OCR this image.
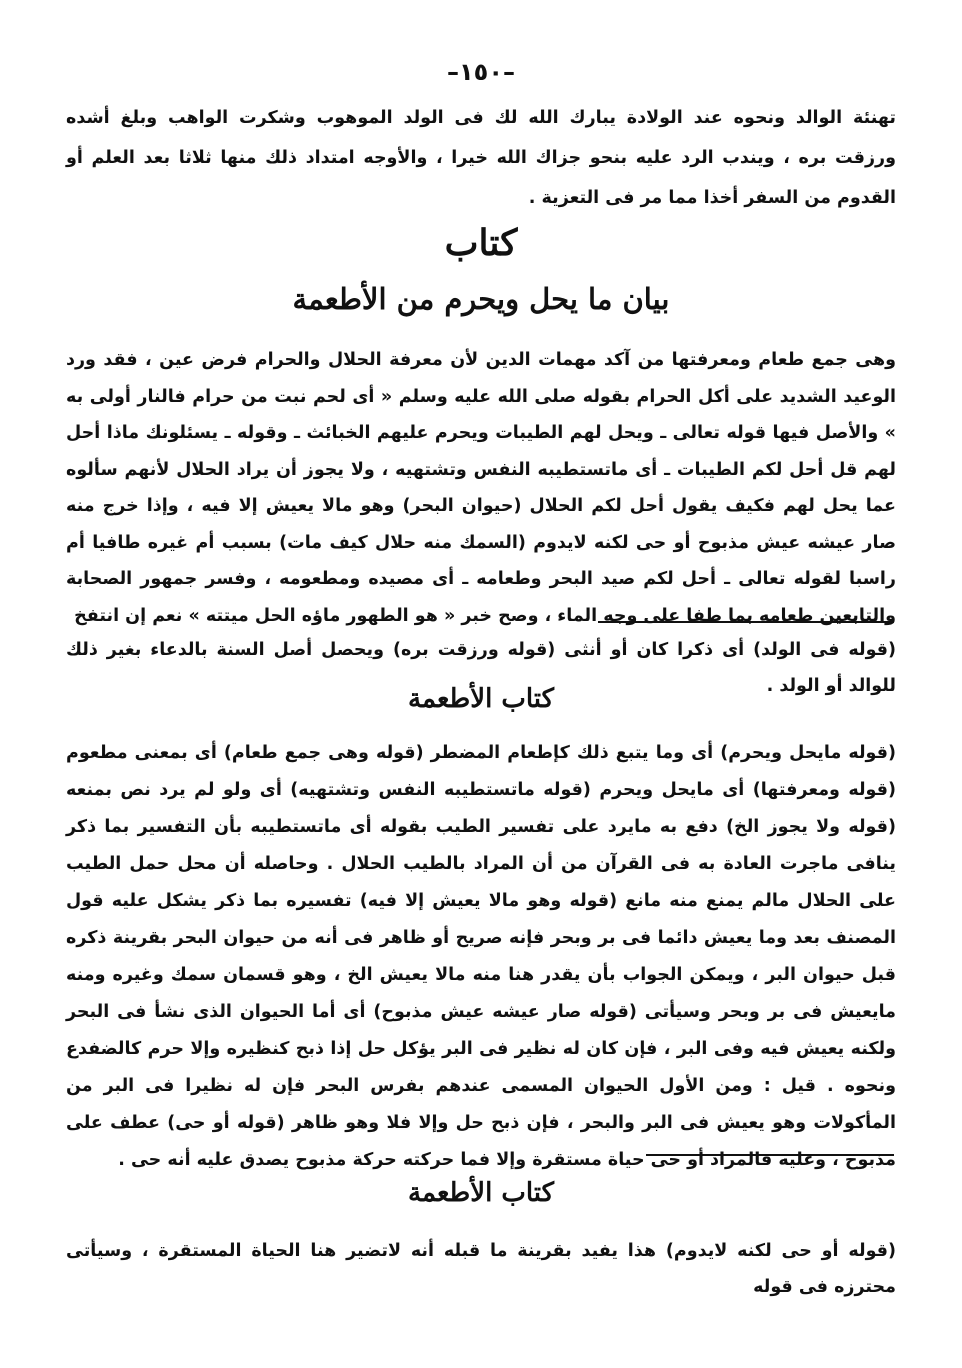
–١٥٠–

تهنئة الوالد ونحوه عند الولادة يبارك الله لك فى الولد الموهوب وشكرت الواهب وبلغ أشده ورزقت بره ، ويندب الرد عليه بنحو جزاك الله خيرا ، والأوجه امتداد ذلك منها ثلاثا بعد العلم أو القدوم من السفر أخذا مما مر فى التعزية .

كتاب
بيان ما يحل ويحرم من الأطعمة

وهى جمع طعام ومعرفتها من آكد مهمات الدين لأن معرفة الحلال والحرام فرض عين ، فقد ورد الوعيد الشديد على أكل الحرام بقوله صلى الله عليه وسلم « أى لحم نبت من حرام فالنار أولى به » والأصل فيها قوله تعالى ـ ويحل لهم الطيبات ويحرم عليهم الخبائث ـ وقوله ـ يسئلونك ماذا أحل لهم قل أحل لكم الطيبات ـ أى ماتستطيبه النفس وتشتهيه ، ولا يجوز أن يراد الحلال لأنهم سألوه عما يحل لهم فكيف يقول أحل لكم الحلال (حيوان البحر) وهو مالا يعيش إلا فيه ، وإذا خرج منه صار عيشه عيش مذبوح أو حى لكنه لايدوم (السمك منه حلال كيف مات) بسبب أم غيره طافيا أم راسبا لقوله تعالى ـ أحل لكم صيد البحر وطعامه ـ أى مصيده ومطعومه ، وفسر جمهور الصحابة والتابعين طعامه بما طفا على وجه الماء ، وصح خبر « هو الطهور ماؤه الحل ميتته » نعم إن انتفخ

(قوله فى الولد) أى ذكرا كان أو أنثى (قوله ورزقت بره) ويحصل أصل السنة بالدعاء بغير ذلك للوالد أو الولد .

كتاب الأطعمة

(قوله مايحل ويحرم) أى وما يتبع ذلك كإطعام المضطر (قوله وهى جمع طعام) أى بمعنى مطعوم (قوله ومعرفتها) أى مايحل ويحرم (قوله ماتستطيبه النفس وتشتهيه) أى ولو لم يرد نص بمنعه (قوله ولا يجوز الخ) دفع به مايرد على تفسير الطيب بقوله أى ماتستطيبه بأن التفسير بما ذكر ينافى ماجرت العادة به فى القرآن من أن المراد بالطيب الحلال . وحاصله أن محل حمل الطيب على الحلال مالم يمنع منه مانع (قوله وهو مالا يعيش إلا فيه) تفسيره بما ذكر يشكل عليه قول المصنف بعد وما يعيش دائما فى بر وبحر فإنه صريح أو ظاهر فى أنه من حيوان البحر بقرينة ذكره قبل حيوان البر ، ويمكن الجواب بأن يقدر هنا منه مالا يعيش الخ ، وهو قسمان سمك وغيره ومنه مايعيش فى بر وبحر وسيأتى (قوله صار عيشه عيش مذبوح) أى أما الحيوان الذى نشأ فى البحر ولكنه يعيش فيه وفى البر ، فإن كان له نظير فى البر يؤكل حل إذا ذبح كنظيره وإلا حرم كالضفدع ونحوه . قيل : ومن الأول الحيوان المسمى عندهم بفرس البحر فإن له نظيرا فى البر من المأكولات وهو يعيش فى البر والبحر ، فإن ذبح حل وإلا فلا وهو ظاهر (قوله أو حى) عطف على مذبوح ، وعليه فالمراد أو حى حياة مستقرة وإلا فما حركته حركة مذبوح يصدق عليه أنه حى .

كتاب الأطعمة

(قوله أو حى لكنه لايدوم) هذا يفيد بقرينة ما قبله أنه لاتضير هنا الحياة المستقرة ، وسيأتى محترزه فى قوله
